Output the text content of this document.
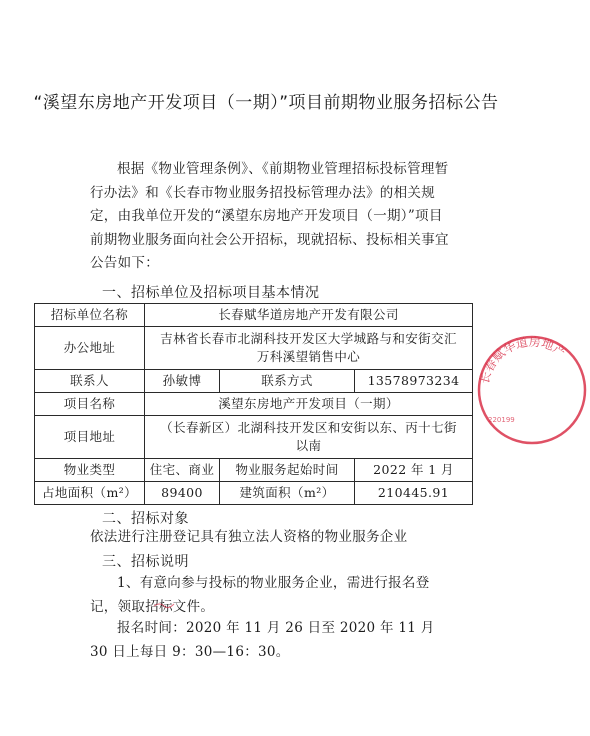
“溪望东房地产开发项目（一期）”项目前期物业服务招标公告
根据《物业管理条例》、《前期物业管理招标投标管理暂行办法》和《长春市物业服务招投标管理办法》的相关规定，由我单位开发的“溪望东房地产开发项目（一期）”项目前期物业服务面向社会公开招标，现就招标、投标相关事宜公告如下：
一、招标单位及招标项目基本情况
招标单位名称	长春赋华道房地产开发有限公司		
办公地址	吉林省长春市北湖科技开发区大学城路与和安街交汇万科溪望销售中心		
联系人	孙敏博	联系方式	13578973234
项目名称	溪望东房地产开发项目（一期）		
项目地址	（长春新区）北湖科技开发区和安街以东、丙十七街以南		
物业类型	住宅、商业	物业服务起始时间	2022 年 1 月
占地面积（m²）	89400	建筑面积（m²）	210445.91
二、招标对象
依法进行注册登记具有独立法人资格的物业服务企业
三、招标说明
1、有意向参与投标的物业服务企业，需进行报名登记，领取招标文件。
报名时间：2020 年 11 月 26 日至 2020 年 11 月 30 日上每日 9：30—16：30。
长春赋华道房地产
220199
